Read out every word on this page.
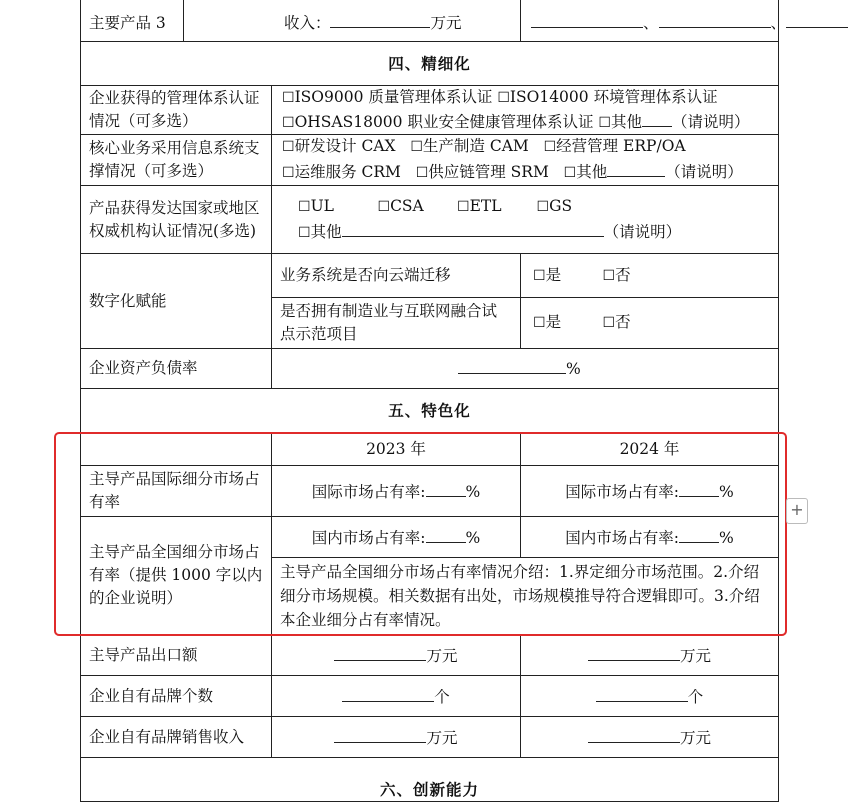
主要产品 3	收入： 万元		、 、
四、精细化			
企业获得的管理体系认证情况（可多选）		☐ISO9000 质量管理体系认证 ☐ISO14000 环境管理体系认证
☐OHSAS18000 职业安全健康管理体系认证 ☐其他 （请说明）	
核心业务采用信息系统支撑情况（可多选）		☐研发设计 CAX ☐生产制造 CAM ☐经营管理 ERP/OA
☐运维服务 CRM ☐供应链管理 SRM ☐其他 （请说明）	
产品获得发达国家或地区权威机构认证情况(多选)		☐UL ☐CSA ☐ETL ☐GS
☐其他 （请说明）	
数字化赋能		业务系统是否向云端迁移	☐是 ☐否
		是否拥有制造业与互联网融合试点示范项目	☐是 ☐否
企业资产负债率		%	
五、特色化			
		2023 年	2024 年
主导产品国际细分市场占有率		国际市场占有率: %	国际市场占有率: %
主导产品全国细分市场占有率（提供 1000 字以内的企业说明）		国内市场占有率: %	国内市场占有率: %
		主导产品全国细分市场占有率情况介绍：1.界定细分市场范围。2.介绍细分市场规模。相关数据有出处，市场规模推导符合逻辑即可。3.介绍本企业细分占有率情况。	
主导产品出口额		万元	万元
企业自有品牌个数		个	个
企业自有品牌销售收入		万元	万元
六、创新能力			
+
